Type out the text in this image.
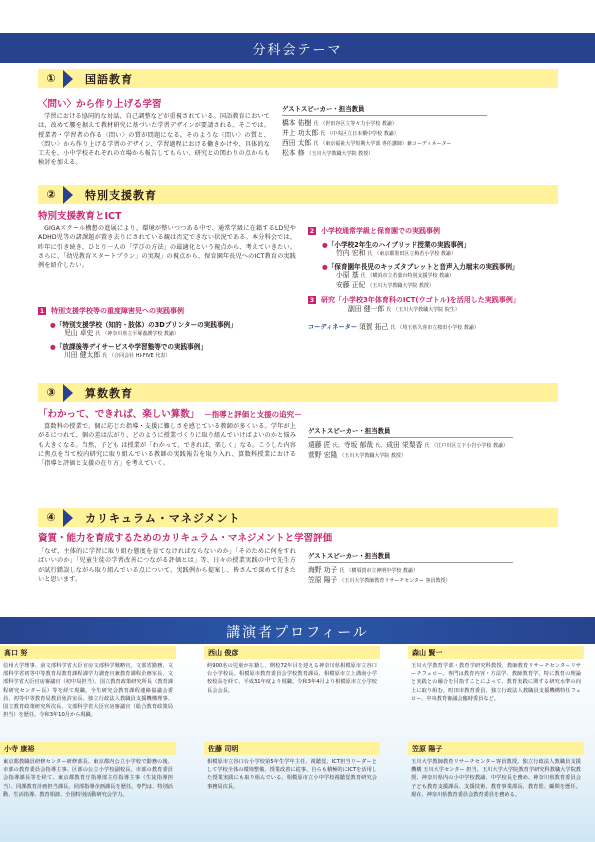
分科会テーマ
①	国語教育
〈問い〉から作り上げる学習
学習における協同的な対話、自己調整などが重視されている。国語教育においては、改めて腰を据えて教材研究に基づいた学習デザインが要請される。そこでは、授業者・学習者の作る〈問い〉の質が問題になる。そのような〈問い〉の質と、〈問い〉から作り上げる学習のデザイン、学習過程における働きかけや、具体的な工夫を、小中学校それぞれの立場から報告してもらい、研究との関わりの点からも検討を加える。
ゲストスピーカー・担当教員
橋本 佑樹 氏 （世田谷区立等々力小学校 教諭）
井上 功太郎 氏 （中央区立日本橋中学校 教諭）
西田 太郎 氏 （東京福祉大学短期大学部 専任講師）兼コーディネーター
松本 修 （玉川大学教職大学院 教授）
②	特別支援教育
特別支援教育とICT
GIGAスクール構想の進展により、環境が整いつつある中で、通常学級に在籍するLD児やADHD児等の諸課題が置き去りにされている観は否定できない状況である。本分科会では、昨年に引き続き、ひとり一人の「学びの方法」の最適化という視点から、考えていきたい。さらに、「幼児教育スタートプラン」の実現」の視点から、保育園年長児へのICT教育の実践例を紹介したい。
1 特別支援学校等の重度障害児への実践事例
●「特別支援学校（知的・肢体）の3Dプリンターの実践事例」
児山 卓史 氏 （神奈川県立平塚養護学校 教諭）
●「放課後等デイサービスや学習塾等での実践事例」
川田 健太郎 氏 （合同会社 HI-FIVE 代表）
2 小学校通常学級と保育園での実践事例
●「小学校2年生のハイブリッド授業の実践事例」
竹内 宏和 氏 （東京都墨田区立梅若小学校 教諭）
●「保育園年長児のキッズタブレットと音声入力端末の実践事例」
小原 基 氏 （横浜市立若葉台特別支援学校 教諭）
安藤 正紀 （玉川大学教職大学院 教授）
3 研究「小学校3年体育科のICT(ウゴトル)を活用した実践事例」
副田 健一郎 氏 （玉川大学教職大学院 院生）
コーディネーター 須賀 拓己 氏 （埼玉県久喜市立桜田小学校 教諭）
③	算数教育
「わかって、できれば、楽しい算数」　 －指導と評価と支援の追究－
算数科の授業で、個に応じた指導・支援に難しさを感じている教師が多くいる。学年が上がるにつれて、個の差は広がり、どのように授業づくりに取り組んでいけばよいのかと悩みも大きくなる。当然、子ども は授業が「わかって、できれば、楽しく」なる。こうした内容に焦点を当て校内研究に取り組んでいる教師の実践報告を取り入れ、算数科授業における「指導と評価と支援の在り方」を考えていく。
ゲストスピーカー・担当教員
遠藤 匠 氏、寺坂 郁哉 氏、成田 栄梨香 氏 （江戸川区立下小岩小学校 教諭）
菅野 宏隆 （玉川大学教職大学院 教授）
④	カリキュラム・マネジメント
資質・能力を育成するためのカリキュラム・マネジメントと学習評価
「なぜ、主体的に学習に取り組む態度を育てなければならないのか」「そのために何をすればいいのか」「児童生徒の学習改善につながる評価とは」等、日々の授業実践の中で先生方が試行錯誤しながら取り組んでいる点について、実践例から提案し、皆さんで深めて行きたいと思います。
ゲストスピーカー・担当教員
海野 功子 氏 （横須賀市立神明中学校 教諭）
笠原 陽子 （玉川大学教師教育リサーチセンター 客員教授）
講演者プロフィール
髙口 努
信州大学理事、前文部科学省大臣官房文部科学戦略官。文部省勤務、文部科学省初等中等教育局教育課程課学力調査官兼教育課程企画室長、文部科学省大臣官房審議官（初中局担当）、国立教育政策研究所長（教育課程研究センター長）等を経て現職。全生研究会教育課程連絡協議会委員、初等中等教育局教員免許室長、独立行政法人教職員支援機構理事、国立教育政策研究所次長、文部科学省大臣官房審議官（総合教育政策局担当）を歴任。令和3年10月から現職。
西山 俊彦
約900名の児童が在籍し、開校72年目を迎える神奈川県相模原市立谷口台小学校長。相模原市教育委員会学校教育課長、相模原市立上溝南小学校校長を経て、平成31年度より現職。令和3年4月より相模原市立小学校長会会長。
森山 賢一
玉川大学教育学部・教育学研究科教授、教師教育リサーチセンターリサーチフェロー。専門は教育内容・方法学、教師教育学。特に教育の理論と実践との融合を目指すことによって、教育実践に関する研究水準の向上に取り組む。町田市教育委員、独立行政法人教職員支援機構特任フェロー、中央教育審議会臨時委員など。
小寺 康裕
東京都教職員研修センター研修部長。東京都内公立小学校で勤務の後、市部の教育委員会指導主事、区部の公立小学校副校長、市部の教育委員会指導課長等を経て、東京都教育庁指導部主任指導主事（生徒指導担当）、同課教育計画担当課長、同部指導企画課長を歴任。専門は、特別活動、生活指導、教育相談、全国特別活動研究会学力。
佐藤 司明
相模原市立谷口台小学校第5年生学年主任、視聴覚、ICT担当リーダーとして学校全体の環境整備、授業改善に従事。自らも積極的にICTを活用した授業実践にも取り組んでいる。相模原市立小中学校視聴覚教育研究会事務局次長。
笠原 陽子
玉川大学教師教育リサーチセンター客員教授。独立行政法人教職員支援機構 玉川大学センター 担当。玉川大学大学院教育学研究科教職大学院教授、神奈川県内の小中学校教諭、中学校長を務め、神奈川県教育委員会子ども教育支援課長、支援技術、教育事業部長、教育監、顧問を歴任。現在、神奈川県教育委員会教育委員を務める。
